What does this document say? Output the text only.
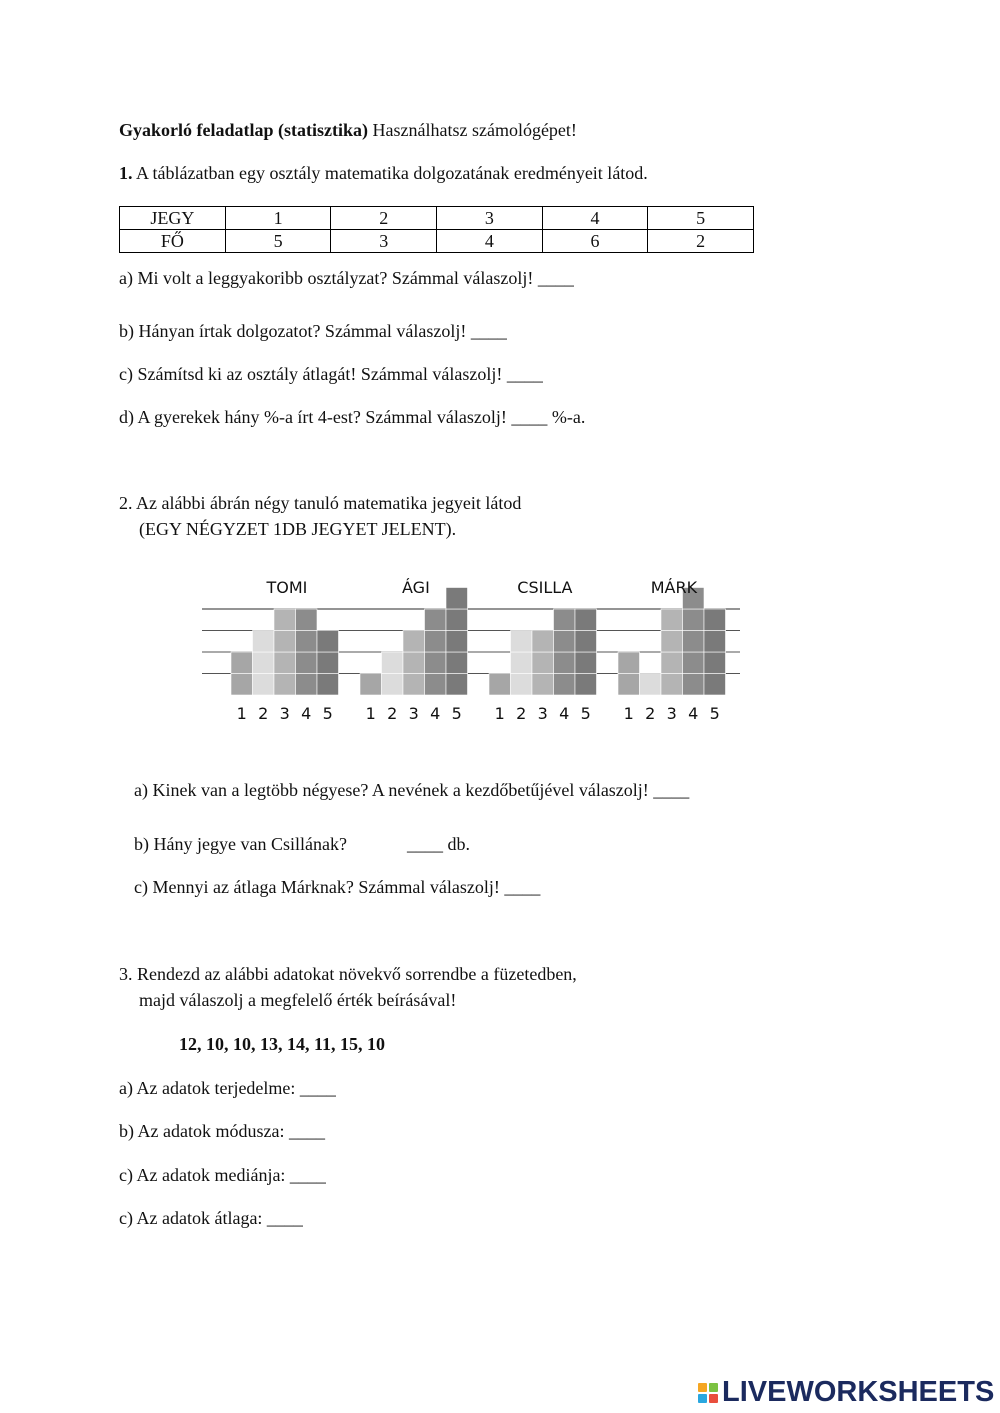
Gyakorló feladatlap (statisztika) Használhatsz számológépet!
1. A táblázatban egy osztály matematika dolgozatának eredményeit látod.
JEGY	1	2	3	4	5
FŐ	5	3	4	6	2
a) Mi volt a leggyakoribb osztályzat? Számmal válaszolj! ____
b) Hányan írtak dolgozatot? Számmal válaszolj! ____
c) Számítsd ki az osztály átlagát! Számmal válaszolj! ____
d) A gyerekek hány %-a írt 4-est? Számmal válaszolj! ____ %-a.
2. Az alábbi ábrán négy tanuló matematika jegyeit látod
(EGY NÉGYZET 1DB JEGYET JELENT).
1 2 3 4 5
TOMI
1 2 3 4 5
ÁGI
1 2 3 4 5
CSILLA
1 2 3 4 5
MÁRK
a) Kinek van a legtöbb négyese? A nevének a kezdőbetűjével válaszolj! ____
b) Hány jegye van Csillának?	____ db.
c) Mennyi az átlaga Márknak? Számmal válaszolj! ____
3. Rendezd az alábbi adatokat növekvő sorrendbe a füzetedben,
majd válaszolj a megfelelő érték beírásával!
12, 10, 10, 13, 14, 11, 15, 10
a) Az adatok terjedelme: ____
b) Az adatok módusza: ____
c) Az adatok mediánja: ____
c) Az adatok átlaga: ____
LIVEWORKSHEETS
